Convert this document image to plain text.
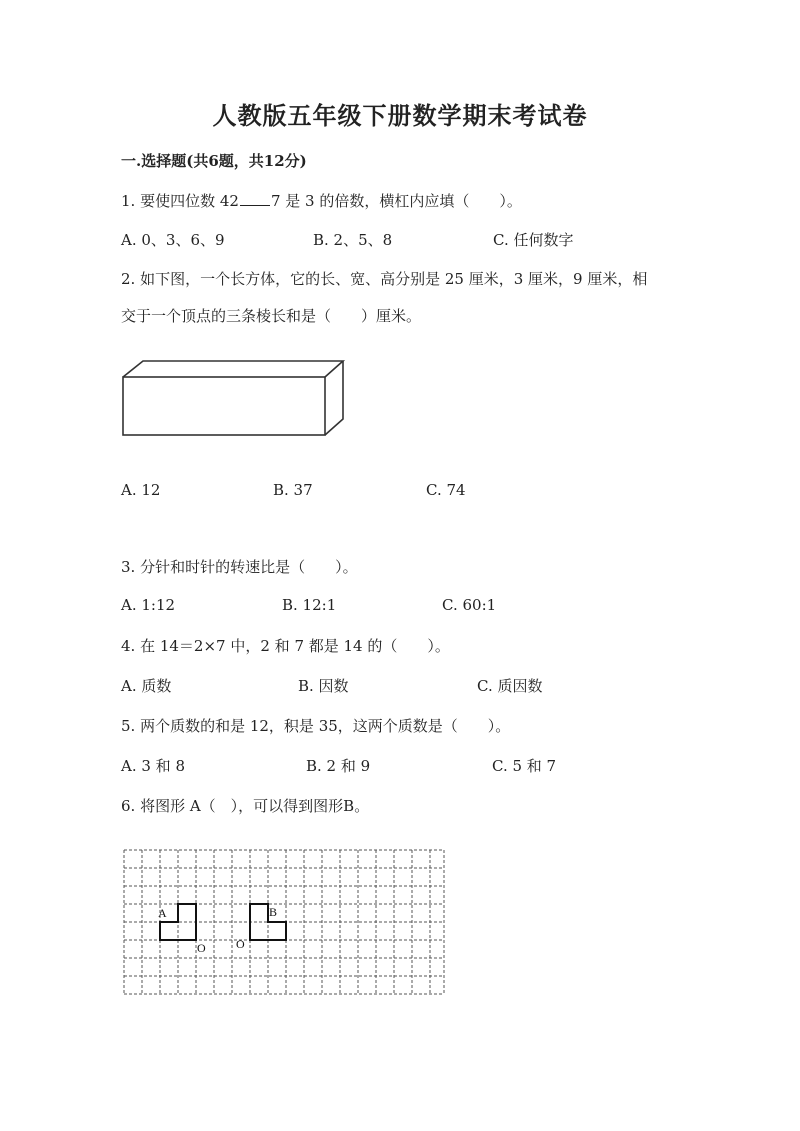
人教版五年级下册数学期末考试卷
一.选择题(共6题，共12分)
1. 要使四位数 42 7 是 3 的倍数，横杠内应填（　　）。
A. 0、3、6、9	B. 2、5、8	C. 任何数字
2. 如下图，一个长方体，它的长、宽、高分别是 25 厘米，3 厘米，9 厘米，相
交于一个顶点的三条棱长和是（　　）厘米。
A. 12	B. 37	C. 74
3. 分针和时针的转速比是（　　）。
A. 1:12	B. 12:1	C. 60:1
4. 在 14＝2×7 中，2 和 7 都是 14 的（　　）。
A. 质数	B. 因数	C. 质因数
5. 两个质数的和是 12，积是 35，这两个质数是（　　）。
A. 3 和 8	B. 2 和 9	C. 5 和 7
6. 将图形 A（　），可以得到图形B。
A	B
O	O
